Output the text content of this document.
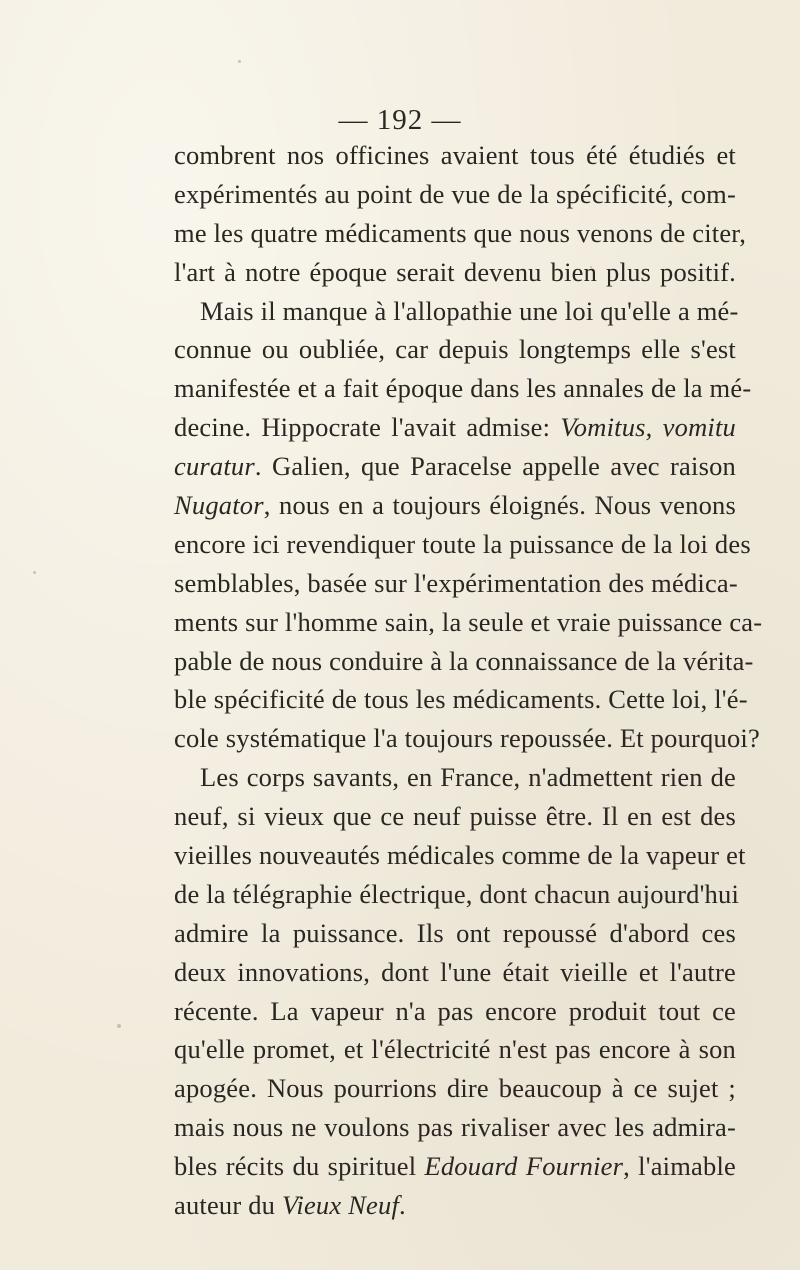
— 192 —
combrent nos officines avaient tous été étudiés et
expérimentés au point de vue de la spécificité, com-
me les quatre médicaments que nous venons de citer,
l'art à notre époque serait devenu bien plus positif.
Mais il manque à l'allopathie une loi qu'elle a mé-
connue ou oubliée, car depuis longtemps elle s'est
manifestée et a fait époque dans les annales de la mé-
decine. Hippocrate l'avait admise: Vomitus, vomitu
curatur. Galien, que Paracelse appelle avec raison
Nugator, nous en a toujours éloignés. Nous venons
encore ici revendiquer toute la puissance de la loi des
semblables, basée sur l'expérimentation des médica-
ments sur l'homme sain, la seule et vraie puissance ca-
pable de nous conduire à la connaissance de la vérita-
ble spécificité de tous les médicaments. Cette loi, l'é-
cole systématique l'a toujours repoussée. Et pourquoi?
Les corps savants, en France, n'admettent rien de
neuf, si vieux que ce neuf puisse être. Il en est des
vieilles nouveautés médicales comme de la vapeur et
de la télégraphie électrique, dont chacun aujourd'hui
admire la puissance. Ils ont repoussé d'abord ces
deux innovations, dont l'une était vieille et l'autre
récente. La vapeur n'a pas encore produit tout ce
qu'elle promet, et l'électricité n'est pas encore à son
apogée. Nous pourrions dire beaucoup à ce sujet ;
mais nous ne voulons pas rivaliser avec les admira-
bles récits du spirituel Edouard Fournier, l'aimable
auteur du Vieux Neuf.
